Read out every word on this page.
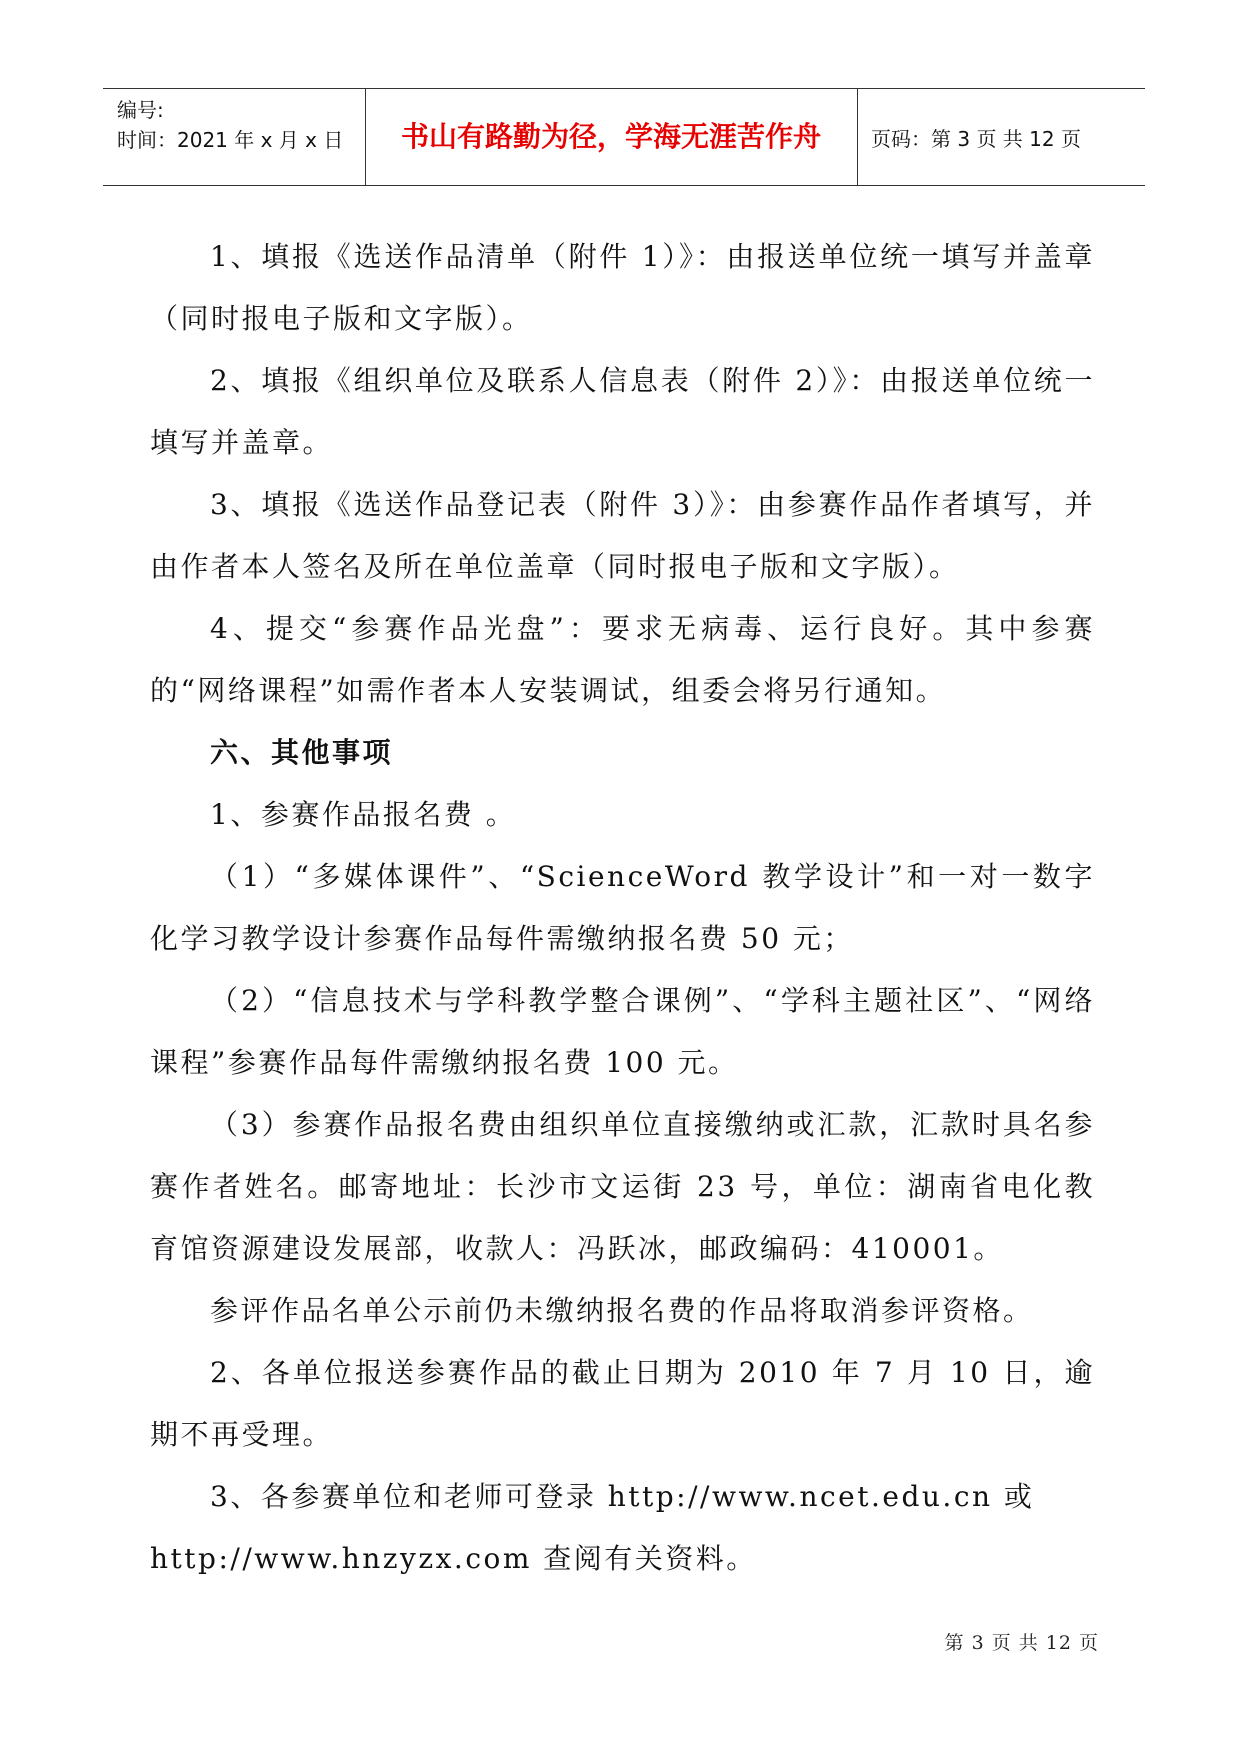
编号:
时间：2021 年 x 月 x 日	书山有路勤为径，学海无涯苦作舟	页码：第 3 页 共 12 页

1、填报《选送作品清单（附件 1）》：由报送单位统一填写并盖章（同时报电子版和文字版）。

2、填报《组织单位及联系人信息表（附件 2）》：由报送单位统一填写并盖章。

3、填报《选送作品登记表（附件 3）》：由参赛作品作者填写，并由作者本人签名及所在单位盖章（同时报电子版和文字版）。

4、提交“参赛作品光盘”：要求无病毒、运行良好。其中参赛的“网络课程”如需作者本人安装调试，组委会将另行通知。

六、其他事项

1、参赛作品报名费 。

（1）“多媒体课件”、“ScienceWord 教学设计”和一对一数字化学习教学设计参赛作品每件需缴纳报名费 50 元；

（2）“信息技术与学科教学整合课例”、“学科主题社区”、“网络课程”参赛作品每件需缴纳报名费 100 元。

（3）参赛作品报名费由组织单位直接缴纳或汇款，汇款时具名参赛作者姓名。邮寄地址：长沙市文运街 23 号，单位：湖南省电化教育馆资源建设发展部，收款人：冯跃冰，邮政编码：410001。

参评作品名单公示前仍未缴纳报名费的作品将取消参评资格。

2、各单位报送参赛作品的截止日期为 2010 年 7 月 10 日，逾期不再受理。

3、各参赛单位和老师可登录 http://www.ncet.edu.cn 或

http://www.hnzyzx.com 查阅有关资料。

第 3 页 共 12 页
